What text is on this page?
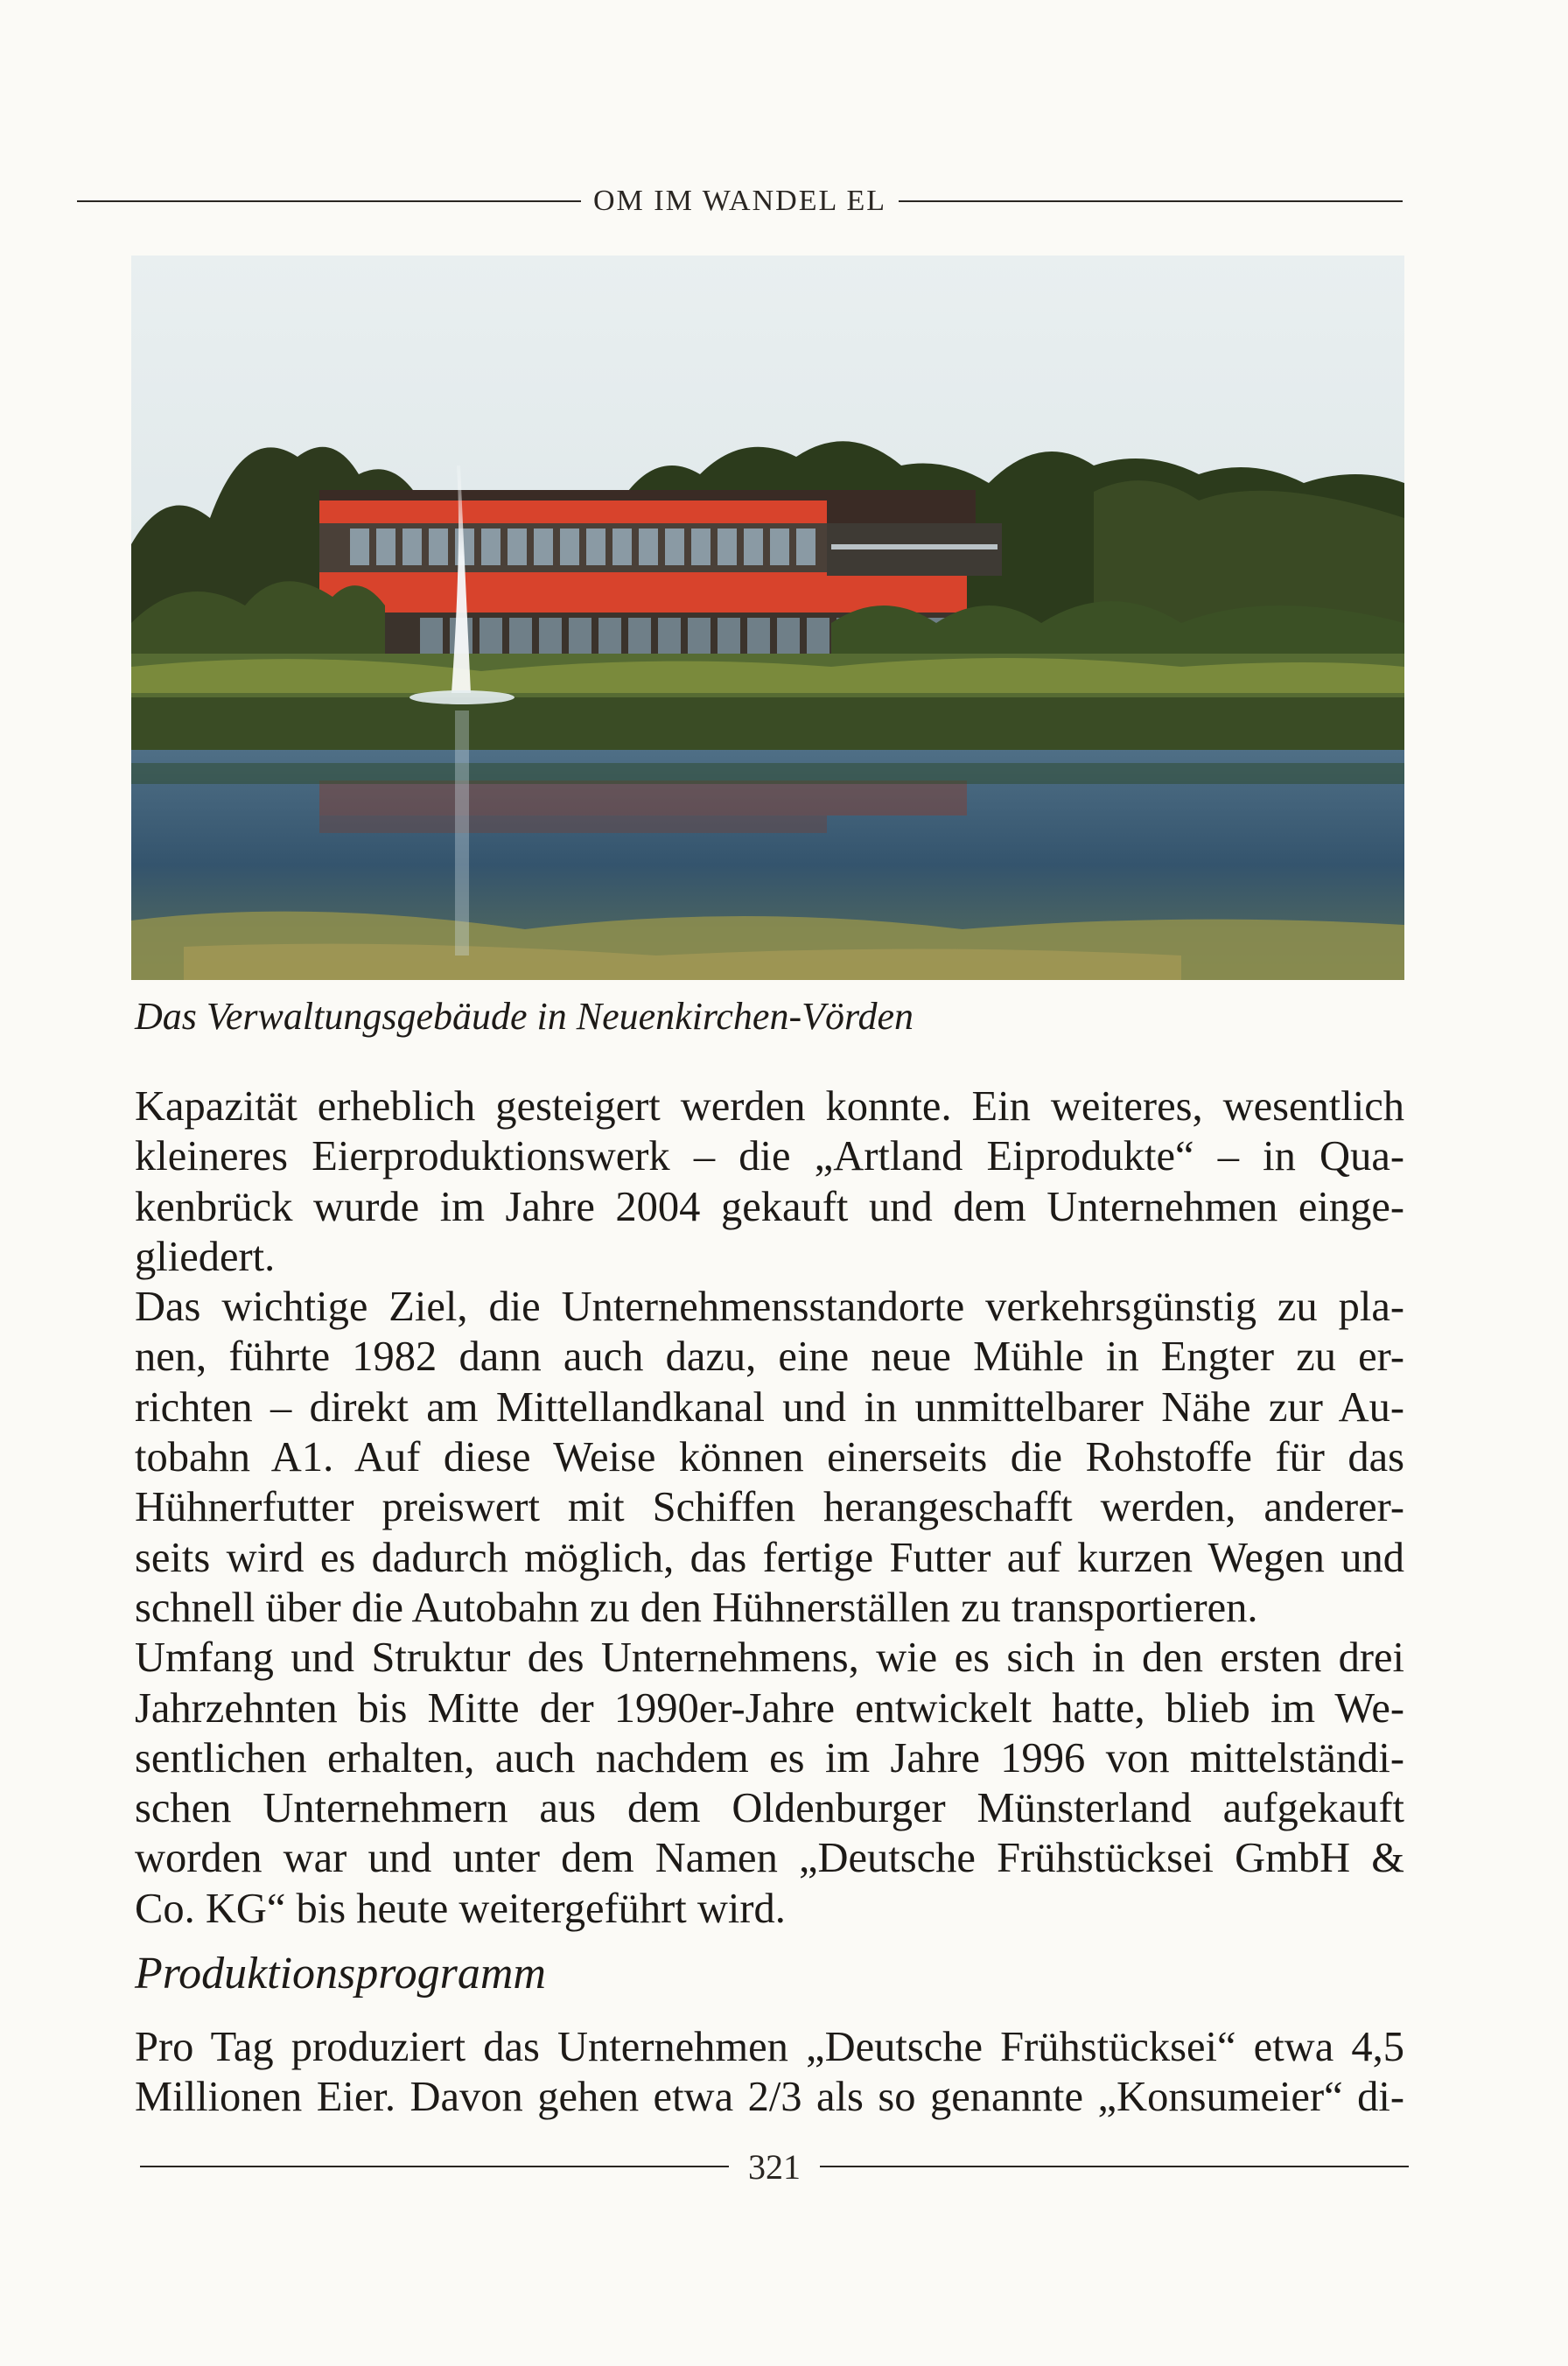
OM IM WANDEL EL
Das Verwaltungsgebäude in Neuenkirchen-Vörden

Kapazität erheblich gesteigert werden konnte. Ein weiteres, wesentlich
kleineres Eierproduktionswerk – die „Artland Eiprodukte“ – in Qua-
kenbrück wurde im Jahre 2004 gekauft und dem Unternehmen einge-
gliedert.

Das wichtige Ziel, die Unternehmensstandorte verkehrsgünstig zu pla-
nen, führte 1982 dann auch dazu, eine neue Mühle in Engter zu er-
richten – direkt am Mittellandkanal und in unmittelbarer Nähe zur Au-
tobahn A1. Auf diese Weise können einerseits die Rohstoffe für das
Hühnerfutter preiswert mit Schiffen herangeschafft werden, anderer-
seits wird es dadurch möglich, das fertige Futter auf kurzen Wegen und
schnell über die Autobahn zu den Hühnerställen zu transportieren.

Umfang und Struktur des Unternehmens, wie es sich in den ersten drei
Jahrzehnten bis Mitte der 1990er-Jahre entwickelt hatte, blieb im We-
sentlichen erhalten, auch nachdem es im Jahre 1996 von mittelständi-
schen Unternehmern aus dem Oldenburger Münsterland aufgekauft
worden war und unter dem Namen „Deutsche Frühstücksei GmbH &
Co. KG“ bis heute weitergeführt wird.

Produktionsprogramm
Pro Tag produziert das Unternehmen „Deutsche Frühstücksei“ etwa 4,5
Millionen Eier. Davon gehen etwa 2/3 als so genannte „Konsumeier“ di-
321
